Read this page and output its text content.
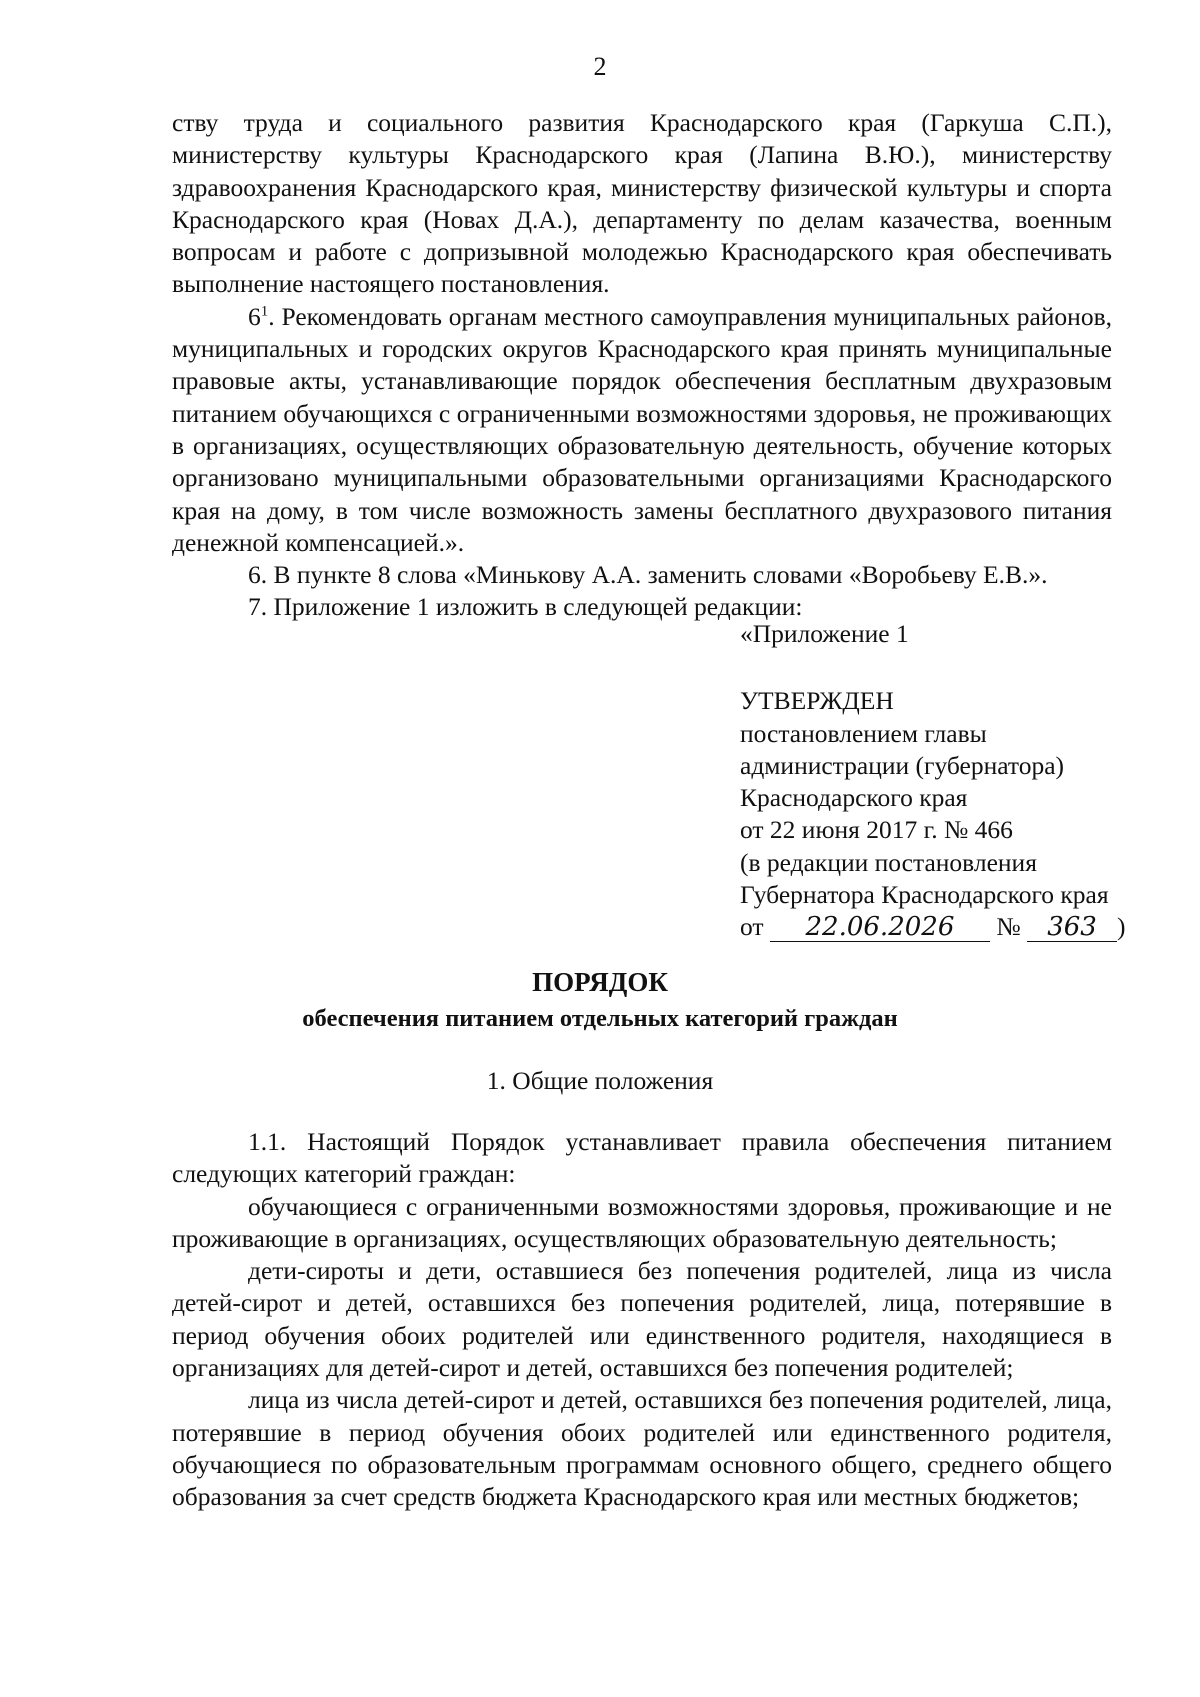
2

ству труда и социального развития Краснодарского края (Гаркуша С.П.), министерству культуры Краснодарского края (Лапина В.Ю.), министерству здравоохранения Краснодарского края, министерству физической культуры и спорта Краснодарского края (Новах Д.А.), департаменту по делам казачества, военным вопросам и работе с допризывной молодежью Краснодарского края обеспечивать выполнение настоящего постановления.

$6^1$. Рекомендовать органам местного самоуправления муниципальных районов, муниципальных и городских округов Краснодарского края принять муниципальные правовые акты, устанавливающие порядок обеспечения бесплатным двухразовым питанием обучающихся с ограниченными возможностями здоровья, не проживающих в организациях, осуществляющих образовательную деятельность, обучение которых организовано муниципальными образовательными организациями Краснодарского края на дому, в том числе возможность замены бесплатного двухразового питания денежной компенсацией.».

6. В пункте 8 слова «Минькову А.А. заменить словами «Воробьеву Е.В.».

7. Приложение 1 изложить в следующей редакции:

«Приложение 1
УТВЕРЖДЕН
постановлением главы
администрации (губернатора)
Краснодарского края
от 22 июня 2017 г. № 466
(в редакции постановления
Губернатора Краснодарского края
от 22.06.2026 № 363 )
ПОРЯДОК
обеспечения питанием отдельных категорий граждан
1. Общие положения

1.1. Настоящий Порядок устанавливает правила обеспечения питанием следующих категорий граждан:

обучающиеся с ограниченными возможностями здоровья, проживающие и не проживающие в организациях, осуществляющих образовательную деятельность;

дети-сироты и дети, оставшиеся без попечения родителей, лица из числа детей-сирот и детей, оставшихся без попечения родителей, лица, потерявшие в период обучения обоих родителей или единственного родителя, находящиеся в организациях для детей-сирот и детей, оставшихся без попечения родителей;

лица из числа детей-сирот и детей, оставшихся без попечения родителей, лица, потерявшие в период обучения обоих родителей или единственного родителя, обучающиеся по образовательным программам основного общего, среднего общего образования за счет средств бюджета Краснодарского края или местных бюджетов;
